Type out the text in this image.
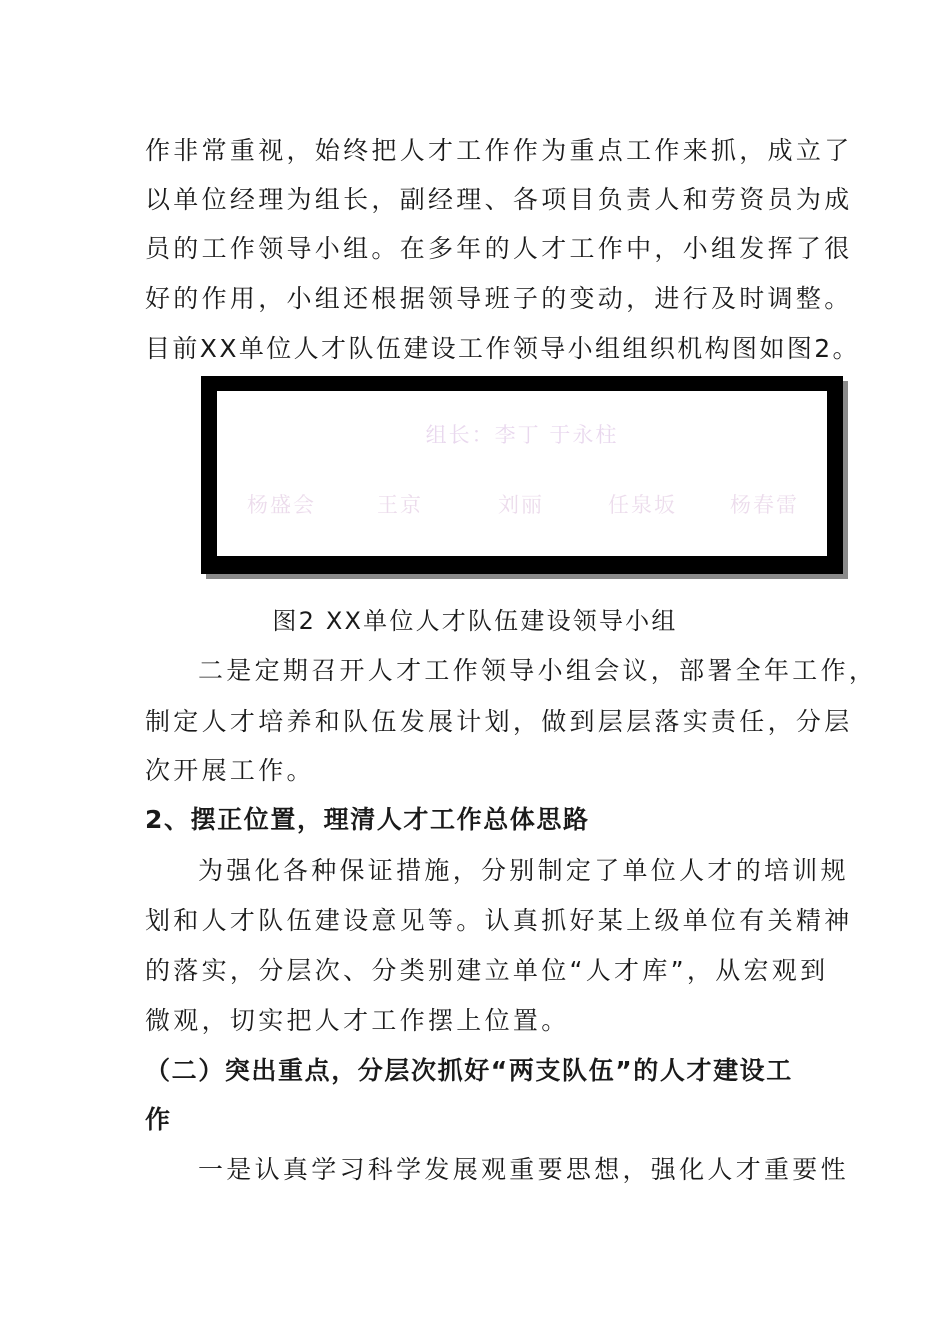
作非常重视，始终把人才工作作为重点工作来抓，成立了
以单位经理为组长，副经理、各项目负责人和劳资员为成
员的工作领导小组。在多年的人才工作中，小组发挥了很
好的作用，小组还根据领导班子的变动，进行及时调整。
目前XX单位人才队伍建设工作领导小组组织机构图如图2。
组长：李丁 于永柱
杨盛会	王京	刘丽	任泉坂	杨春雷
图2 XX单位人才队伍建设领导小组
二是定期召开人才工作领导小组会议，部署全年工作，
制定人才培养和队伍发展计划，做到层层落实责任，分层
次开展工作。
2、摆正位置，理清人才工作总体思路
为强化各种保证措施，分别制定了单位人才的培训规
划和人才队伍建设意见等。认真抓好某上级单位有关精神
的落实，分层次、分类别建立单位“人才库”，从宏观到
微观，切实把人才工作摆上位置。
（二）突出重点，分层次抓好“两支队伍”的人才建设工
作
一是认真学习科学发展观重要思想，强化人才重要性
